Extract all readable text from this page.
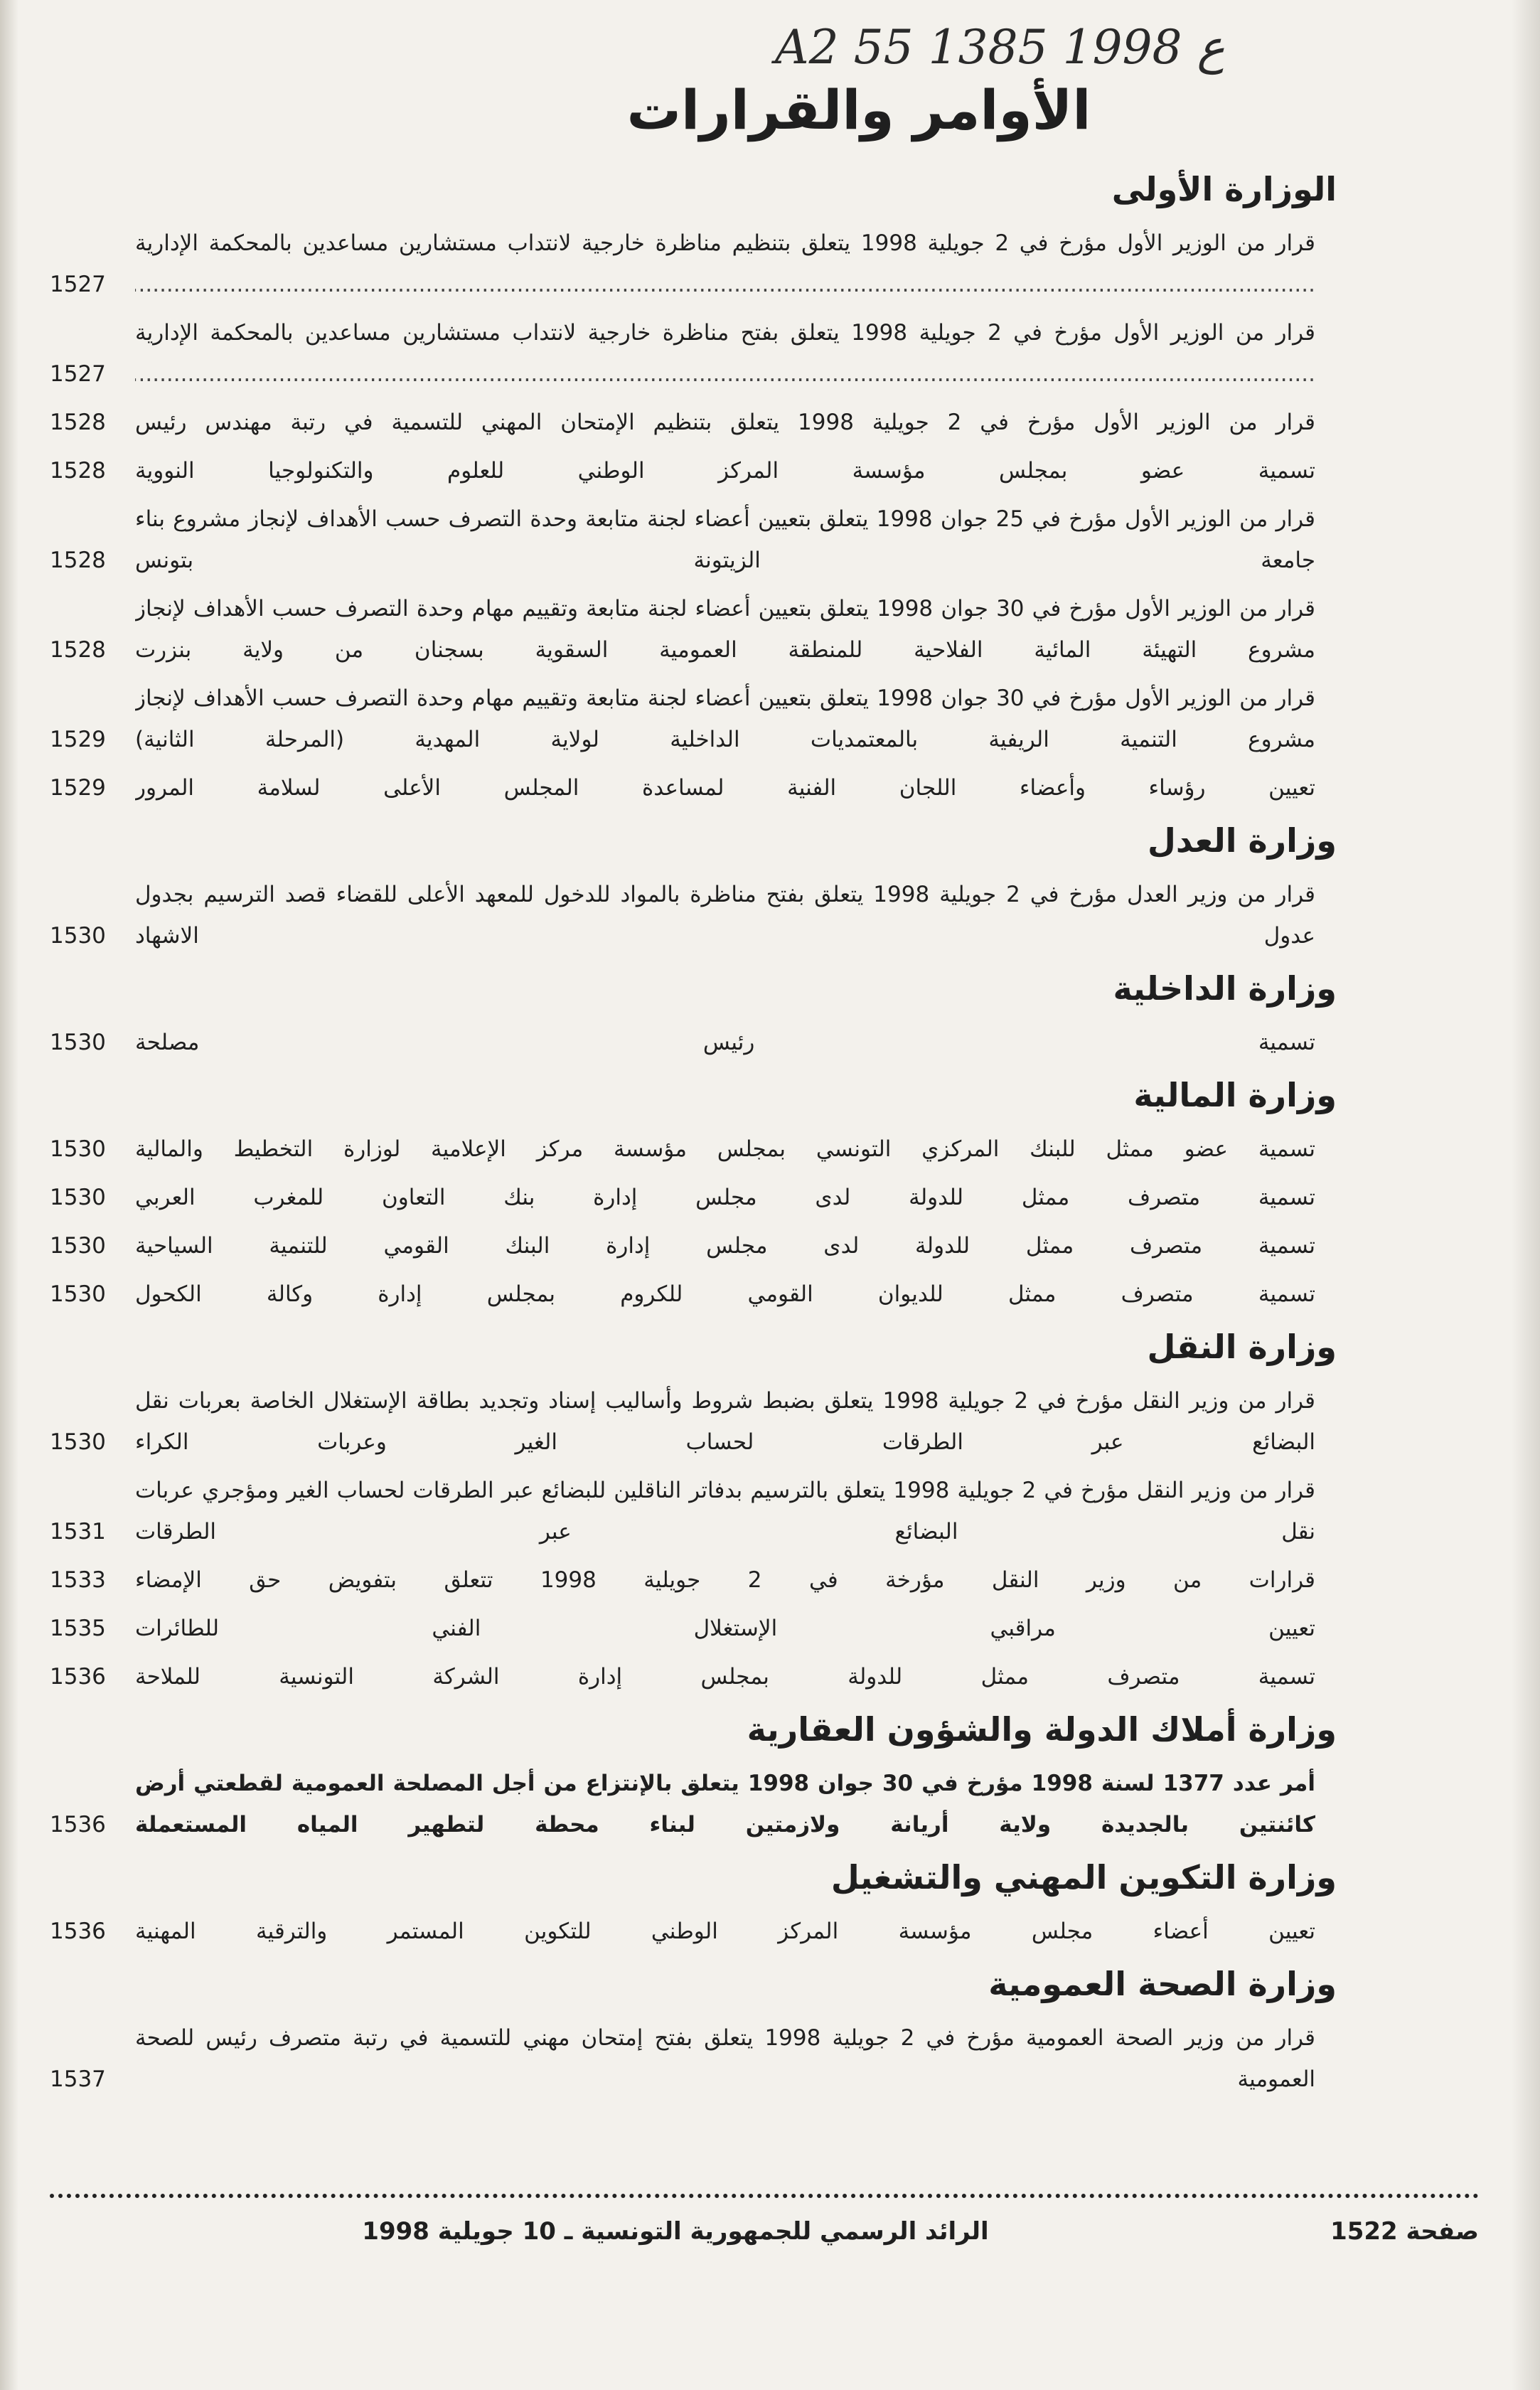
A2 55 ع 1998 1385
الأوامر والقرارات
الوزارة الأولى
قرار من الوزير الأول مؤرخ في 2 جويلية 1998 يتعلق بتنظيم مناظرة خارجية لانتداب مستشارين مساعدين بالمحكمة الإدارية .....
1527
قرار من الوزير الأول مؤرخ في 2 جويلية 1998 يتعلق بفتح مناظرة خارجية لانتداب مستشارين مساعدين بالمحكمة الإدارية .....
1527
قرار من الوزير الأول مؤرخ في 2 جويلية 1998 يتعلق بتنظيم الإمتحان المهني للتسمية في رتبة مهندس رئيس .....
1528
تسمية عضو بمجلس مؤسسة المركز الوطني للعلوم والتكنولوجيا النووية .....
1528
قرار من الوزير الأول مؤرخ في 25 جوان 1998 يتعلق بتعيين أعضاء لجنة متابعة وحدة التصرف حسب الأهداف لإنجاز مشروع بناء جامعة الزيتونة بتونس .....
1528
قرار من الوزير الأول مؤرخ في 30 جوان 1998 يتعلق بتعيين أعضاء لجنة متابعة وتقييم مهام وحدة التصرف حسب الأهداف لإنجاز مشروع التهيئة المائية الفلاحية للمنطقة العمومية السقوية بسجنان من ولاية بنزرت .....
1528
قرار من الوزير الأول مؤرخ في 30 جوان 1998 يتعلق بتعيين أعضاء لجنة متابعة وتقييم مهام وحدة التصرف حسب الأهداف لإنجاز مشروع التنمية الريفية بالمعتمديات الداخلية لولاية المهدية (المرحلة الثانية) .....
1529
تعيين رؤساء وأعضاء اللجان الفنية لمساعدة المجلس الأعلى لسلامة المرور .....
1529
وزارة العدل
قرار من وزير العدل مؤرخ في 2 جويلية 1998 يتعلق بفتح مناظرة بالمواد للدخول للمعهد الأعلى للقضاء قصد الترسيم بجدول عدول الاشهاد .....
1530
وزارة الداخلية
تسمية رئيس مصلحة .....
1530
وزارة المالية
تسمية عضو ممثل للبنك المركزي التونسي بمجلس مؤسسة مركز الإعلامية لوزارة التخطيط والمالية .....
1530
تسمية متصرف ممثل للدولة لدى مجلس إدارة بنك التعاون للمغرب العربي .....
1530
تسمية متصرف ممثل للدولة لدى مجلس إدارة البنك القومي للتنمية السياحية .....
1530
تسمية متصرف ممثل للديوان القومي للكروم بمجلس إدارة وكالة الكحول .....
1530
وزارة النقل
قرار من وزير النقل مؤرخ في 2 جويلية 1998 يتعلق بضبط شروط وأساليب إسناد وتجديد بطاقة الإستغلال الخاصة بعربات نقل البضائع عبر الطرقات لحساب الغير وعربات الكراء .....
1530
قرار من وزير النقل مؤرخ في 2 جويلية 1998 يتعلق بالترسيم بدفاتر الناقلين للبضائع عبر الطرقات لحساب الغير ومؤجري عربات نقل البضائع عبر الطرقات .....
1531
قرارات من وزير النقل مؤرخة في 2 جويلية 1998 تتعلق بتفويض حق الإمضاء .....
1533
تعيين مراقبي الإستغلال الفني للطائرات .....
1535
تسمية متصرف ممثل للدولة بمجلس إدارة الشركة التونسية للملاحة .....
1536
وزارة أملاك الدولة والشؤون العقارية
أمر عدد 1377 لسنة 1998 مؤرخ في 30 جوان 1998 يتعلق بالإنتزاع من أجل المصلحة العمومية لقطعتي أرض كائنتين بالجديدة ولاية أريانة ولازمتين لبناء محطة لتطهير المياه المستعملة .....
1536
وزارة التكوين المهني والتشغيل
تعيين أعضاء مجلس مؤسسة المركز الوطني للتكوين المستمر والترقية المهنية .....
1536
وزارة الصحة العمومية
قرار من وزير الصحة العمومية مؤرخ في 2 جويلية 1998 يتعلق بفتح إمتحان مهني للتسمية في رتبة متصرف رئيس للصحة العمومية .....
1537
صفحة 1522
الرائد الرسمي للجمهورية التونسية ـ 10 جويلية 1998
